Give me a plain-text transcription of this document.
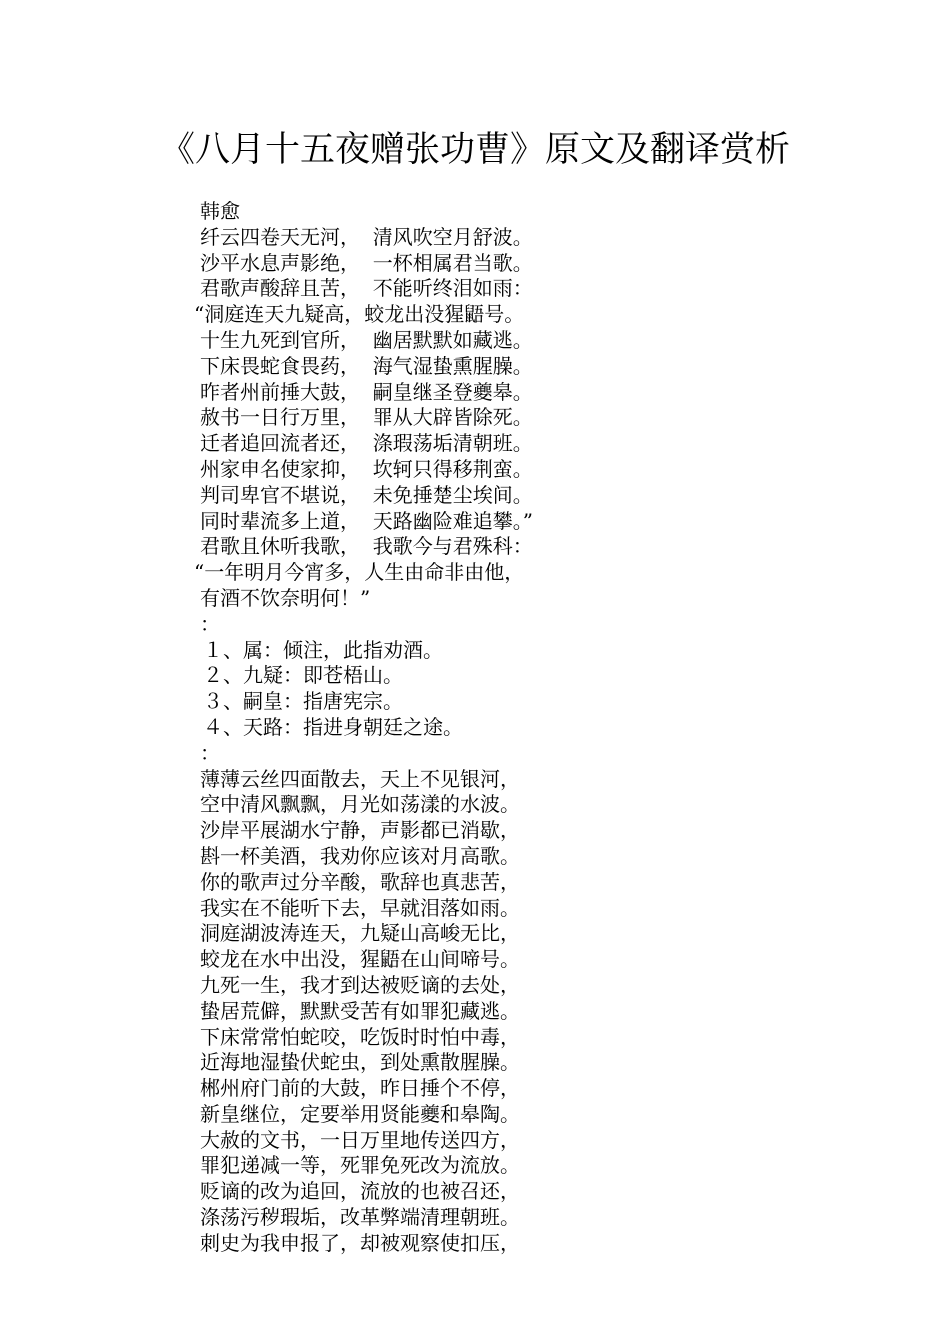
《八月十五夜赠张功曹》原文及翻译赏析
韩愈
纤云四卷天无河，  清风吹空月舒波。
沙平水息声影绝，  一杯相属君当歌。
君歌声酸辞且苦，  不能听终泪如雨：
“洞庭连天九疑高，蛟龙出没猩鼯号。
十生九死到官所，  幽居默默如藏逃。
下床畏蛇食畏药，  海气湿蛰熏腥臊。
昨者州前捶大鼓，  嗣皇继圣登夔皋。
赦书一日行万里，  罪从大辟皆除死。
迁者追回流者还，  涤瑕荡垢清朝班。
州家申名使家抑，  坎轲只得移荆蛮。
判司卑官不堪说，  未免捶楚尘埃间。
同时辈流多上道，  天路幽险难追攀。”
君歌且休听我歌，  我歌今与君殊科：
“一年明月今宵多，人生由命非由他，
有酒不饮奈明何！”
：
１、属：倾注，此指劝酒。
２、九疑：即苍梧山。
３、嗣皇：指唐宪宗。
４、天路：指进身朝廷之途。
：
薄薄云丝四面散去，天上不见银河，
空中清风飘飘，月光如荡漾的水波。
沙岸平展湖水宁静，声影都已消歇，
斟一杯美酒，我劝你应该对月高歌。
你的歌声过分辛酸，歌辞也真悲苦，
我实在不能听下去，早就泪落如雨。
洞庭湖波涛连天，九疑山高峻无比，
蛟龙在水中出没，猩鼯在山间啼号。
九死一生，我才到达被贬谪的去处，
蛰居荒僻，默默受苦有如罪犯藏逃。
下床常常怕蛇咬，吃饭时时怕中毒，
近海地湿蛰伏蛇虫，到处熏散腥臊。
郴州府门前的大鼓，昨日捶个不停，
新皇继位，定要举用贤能夔和皋陶。
大赦的文书，一日万里地传送四方，
罪犯递减一等，死罪免死改为流放。
贬谪的改为追回，流放的也被召还，
涤荡污秽瑕垢，改革弊端清理朝班。
刺史为我申报了，却被观察使扣压，
